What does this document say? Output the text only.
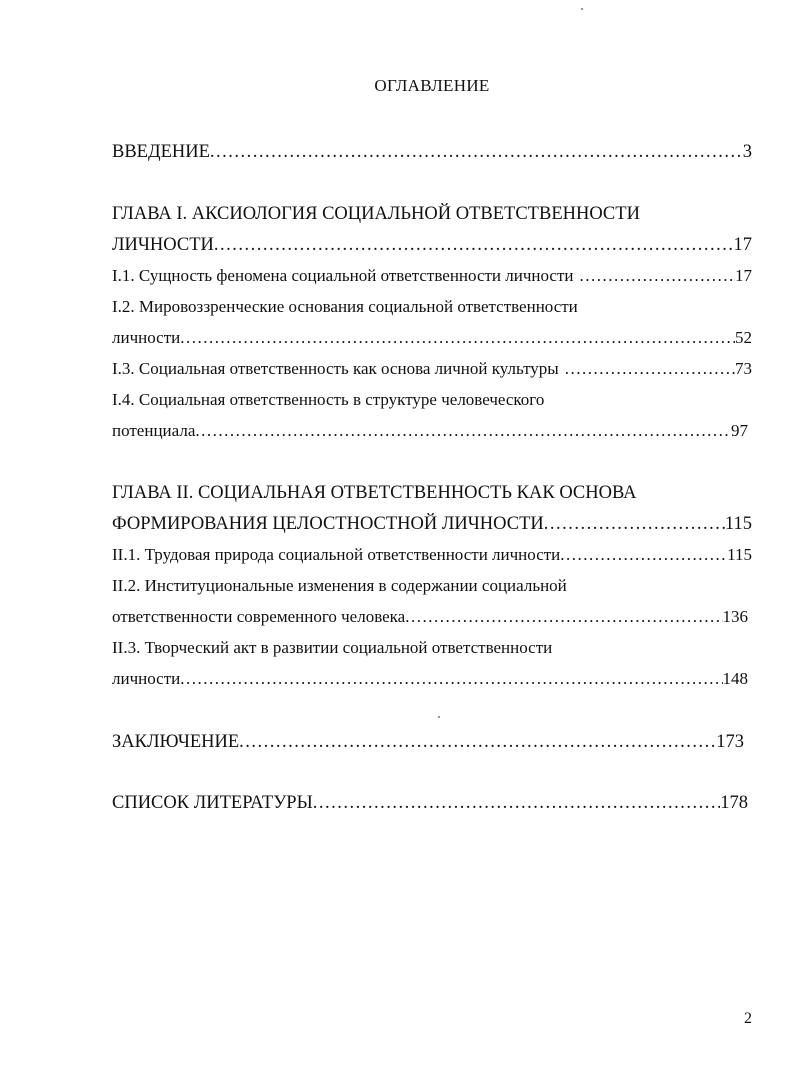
ОГЛАВЛЕНИЕ
ВВЕДЕНИЕ .....	3
ГЛАВА I. АКСИОЛОГИЯ СОЦИАЛЬНОЙ ОТВЕТСТВЕННОСТИ
ЛИЧНОСТИ .....	17
I.1. Сущность феномена социальной ответственности личности .....	17
I.2. Мировоззренческие основания социальной ответственности
личности .....	52
I.3. Социальная ответственность как основа личной культуры .....	73
I.4. Социальная ответственность в структуре человеческого
потенциала .....	97
ГЛАВА II. СОЦИАЛЬНАЯ ОТВЕТСТВЕННОСТЬ КАК ОСНОВА
ФОРМИРОВАНИЯ ЦЕЛОСТНОСТНОЙ ЛИЧНОСТИ .....	115
II.1. Трудовая природа социальной ответственности личности .....	115
II.2. Институциональные изменения в содержании социальной
ответственности современного человека .....	136
II.3. Творческий акт в развитии социальной ответственности
личности .....	148
ЗАКЛЮЧЕНИЕ .....	173
СПИСОК ЛИТЕРАТУРЫ .....	178
2
